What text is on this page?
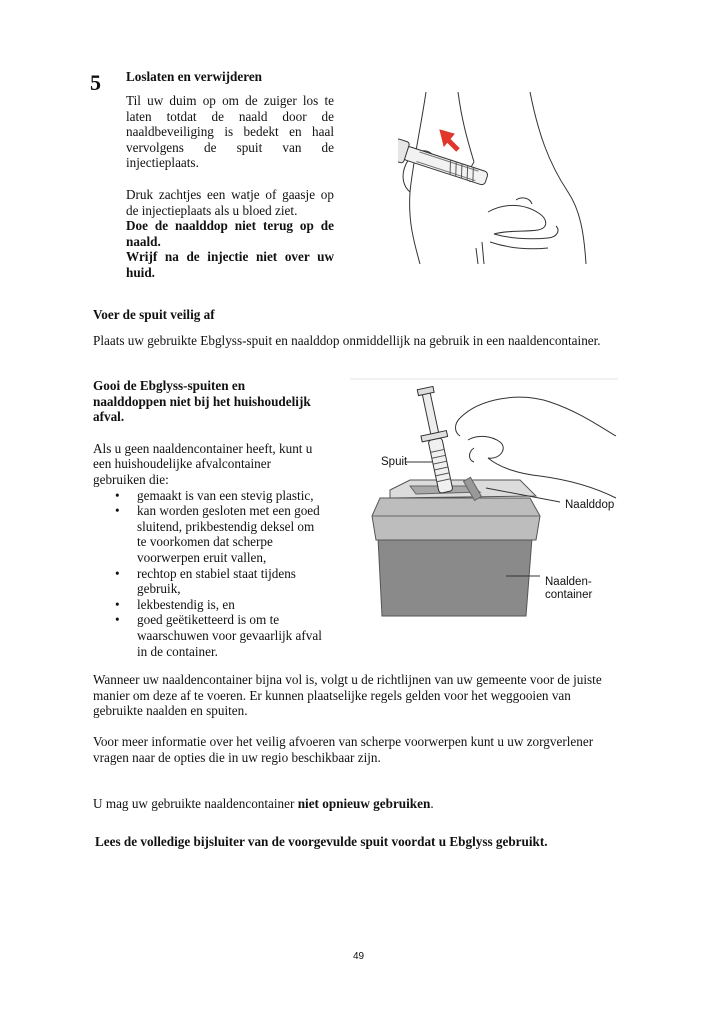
5 Loslaten en verwijderen

Til uw duim op om de zuiger los te laten totdat de naald door de naaldbeveiliging is bedekt en haal vervolgens de spuit van de injectieplaats.

Druk zachtjes een watje of gaasje op de injectieplaats als u bloed ziet.

Doe de naalddop niet terug op de naald.

Wrijf na de injectie niet over uw huid.

Voer de spuit veilig af
Plaats uw gebruikte Ebglyss-spuit en naalddop onmiddellijk na gebruik in een naaldencontainer.
Gooi de Ebglyss-spuiten en
naalddoppen niet bij het huishoudelijk
afval.
Als u geen naaldencontainer heeft, kunt u
een huishoudelijke afvalcontainer
gebruiken die:
• gemaakt is van een stevig plastic,
• kan worden gesloten met een goed
sluitend, prikbestendig deksel om
te voorkomen dat scherpe
voorwerpen eruit vallen,
• rechtop en stabiel staat tijdens
gebruik,
• lekbestendig is, en
• goed geëtiketteerd is om te
waarschuwen voor gevaarlijk afval
in de container.
Spuit
Naalddop
Naalden-
container
Wanneer uw naaldencontainer bijna vol is, volgt u de richtlijnen van uw gemeente voor de juiste
manier om deze af te voeren. Er kunnen plaatselijke regels gelden voor het weggooien van
gebruikte naalden en spuiten.
Voor meer informatie over het veilig afvoeren van scherpe voorwerpen kunt u uw zorgverlener
vragen naar de opties die in uw regio beschikbaar zijn.
U mag uw gebruikte naaldencontainer niet opnieuw gebruiken.
Lees de volledige bijsluiter van de voorgevulde spuit voordat u Ebglyss gebruikt.
49
